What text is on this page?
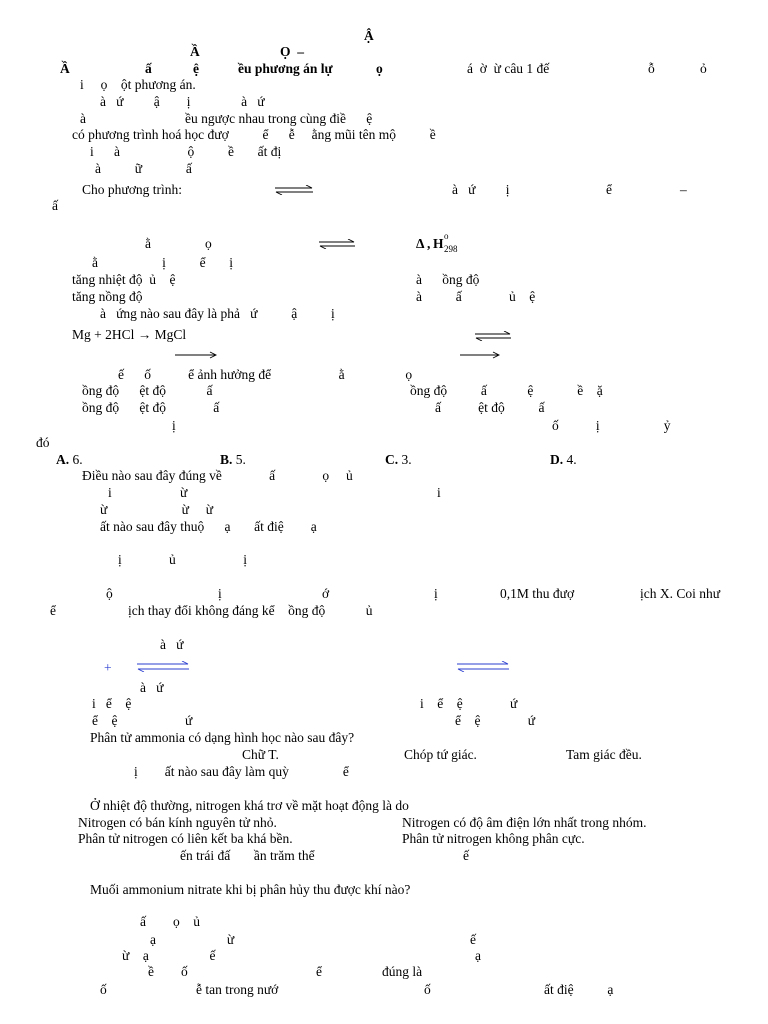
Ậ
Ầ	Ọ  –
Ầ	ấ	ệ	ều phương án lự	ọ	á  ờ  ừ câu 1 đế	ỗ	ỏ
i     ọ    ột phương án.
à   ứ         ậ        ị               à   ứ
à	ều ngược nhau trong cùng điề      ệ
có phương trình hoá học đượ          ể      ễ     ằng mũi tên mộ          ề
i      à                    ộ          ề       ất đị
à          ữ             ấ
Cho phương trình:	à   ứ         ị	ể	–
ấ
ằ	ọ	Δ , H o
298
ằ                   ị          ể       ị
tăng nhiệt độ  ủ    ệ	à      ồng độ
tăng nồng độ	à          ấ              ủ    ệ
à   ứng nào sau đây là phả   ứ          ậ          ị
Mg + 2HCl → MgCl
ế      ố           ể ảnh hưởng để                    ằ                  ọ
ồng độ      ệt độ            ấ	ồng độ          ấ            ệ             ề    ặ
ồng độ      ệt độ              ấ	ấ           ệt độ          ấ
ị	ố           ị                   ỷ
đó
A. 6.	B. 5.	C. 3.	D. 4.
Điều nào sau đây đúng về              ấ              ọ     ủ
i	ừ	i
ừ                      ừ     ừ
ất nào sau đây thuộ      ạ       ất điệ        ạ
ị              ủ                    ị
ộ	ị	ớ	ị	0,1M thu đượ	ịch X. Coi như
ể	ịch thay đổi không đáng kể    ồng độ            ủ
à   ứ
+
à   ứ
i   ể    ệ	i    ể    ệ              ứ
ể    ệ                    ứ	ể    ệ              ứ
Phân tử ammonia có dạng hình học nào sau đây?
Chữ T.	Chóp tứ giác.	Tam giác đều.
ị        ất nào sau đây làm quỳ                ể
Ở nhiệt độ thường, nitrogen khá trơ về mặt hoạt động là do
Nitrogen có bán kính nguyên tử nhỏ.	Nitrogen có độ âm điện lớn nhất trong nhóm.
Phân tử nitrogen có liên kết ba khá bền.	Phân tử nitrogen không phân cực.
ến trái đấ       ần trăm thể	ế
Muối ammonium nitrate khi bị phân hủy thu được khí nào?
ấ        ọ    ủ
ạ                     ừ	ế
ừ    ạ                  ế	ạ
ề        ố	ể	đúng là
ố	ễ tan trong nướ	ố	ất điệ          ạ
